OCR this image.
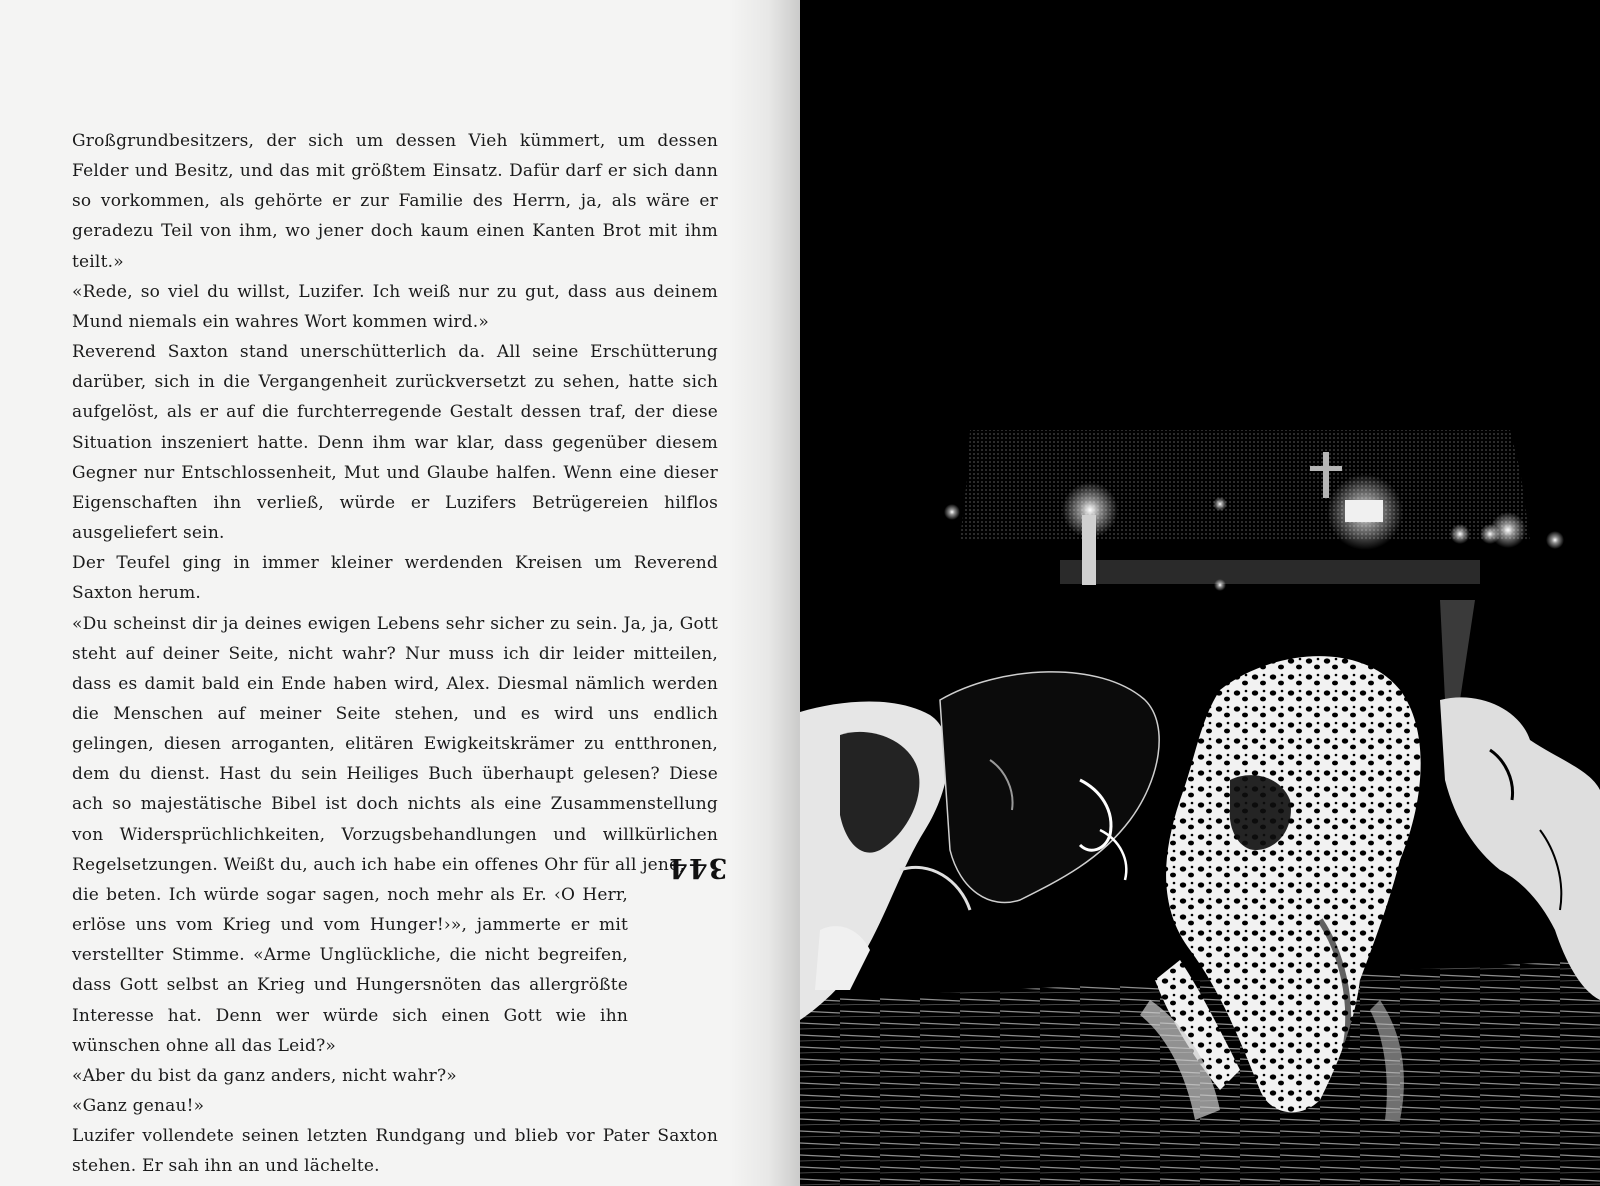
Großgrundbesitzers, der sich um dessen Vieh kümmert, um dessen Felder und Besitz, und das mit größtem Einsatz. Dafür darf er sich dann so vorkommen, als gehörte er zur Familie des Herrn, ja, als wäre er geradezu Teil von ihm, wo jener doch kaum einen Kanten Brot mit ihm teilt.»

«Rede, so viel du willst, Luzifer. Ich weiß nur zu gut, dass aus deinem Mund niemals ein wahres Wort kommen wird.»

Reverend Saxton stand unerschütterlich da. All seine Erschütterung darüber, sich in die Vergangenheit zurückversetzt zu sehen, hatte sich aufgelöst, als er auf die furchterregende Gestalt dessen traf, der diese Situation inszeniert hatte. Denn ihm war klar, dass gegenüber diesem Gegner nur Entschlossenheit, Mut und Glaube halfen. Wenn eine dieser Eigenschaften ihn verließ, würde er Luzifers Betrügereien hilflos ausgeliefert sein.

Der Teufel ging in immer kleiner werdenden Kreisen um Reverend Saxton herum.

«Du scheinst dir ja deines ewigen Lebens sehr sicher zu sein. Ja, ja, Gott steht auf deiner Seite, nicht wahr? Nur muss ich dir leider mitteilen, dass es damit bald ein Ende haben wird, Alex. Diesmal nämlich werden die Menschen auf meiner Seite stehen, und es wird uns endlich gelingen, diesen arroganten, elitären Ewigkeitskrämer zu entthronen, dem du dienst. Hast du sein Heiliges Buch überhaupt gelesen? Diese ach so majestätische Bibel ist doch nichts als eine Zusammenstellung von Widersprüchlichkeiten, Vorzugsbehandlungen und willkürlichen Regelsetzungen. Weißt du, auch ich habe ein offenes Ohr für all jene,

die beten. Ich würde sogar sagen, noch mehr als Er. ‹O Herr, erlöse uns vom Krieg und vom Hunger!›», jammerte er mit verstellter Stimme. «Arme Unglückliche, die nicht begreifen, dass Gott selbst an Krieg und Hungersnöten das allergrößte Interesse hat. Denn wer würde sich einen Gott wie ihn wünschen ohne all das Leid?»

«Aber du bist da ganz anders, nicht wahr?»

«Ganz genau!»

Luzifer vollendete seinen letzten Rundgang und blieb vor Pater Saxton stehen. Er sah ihn an und lächelte.

344
